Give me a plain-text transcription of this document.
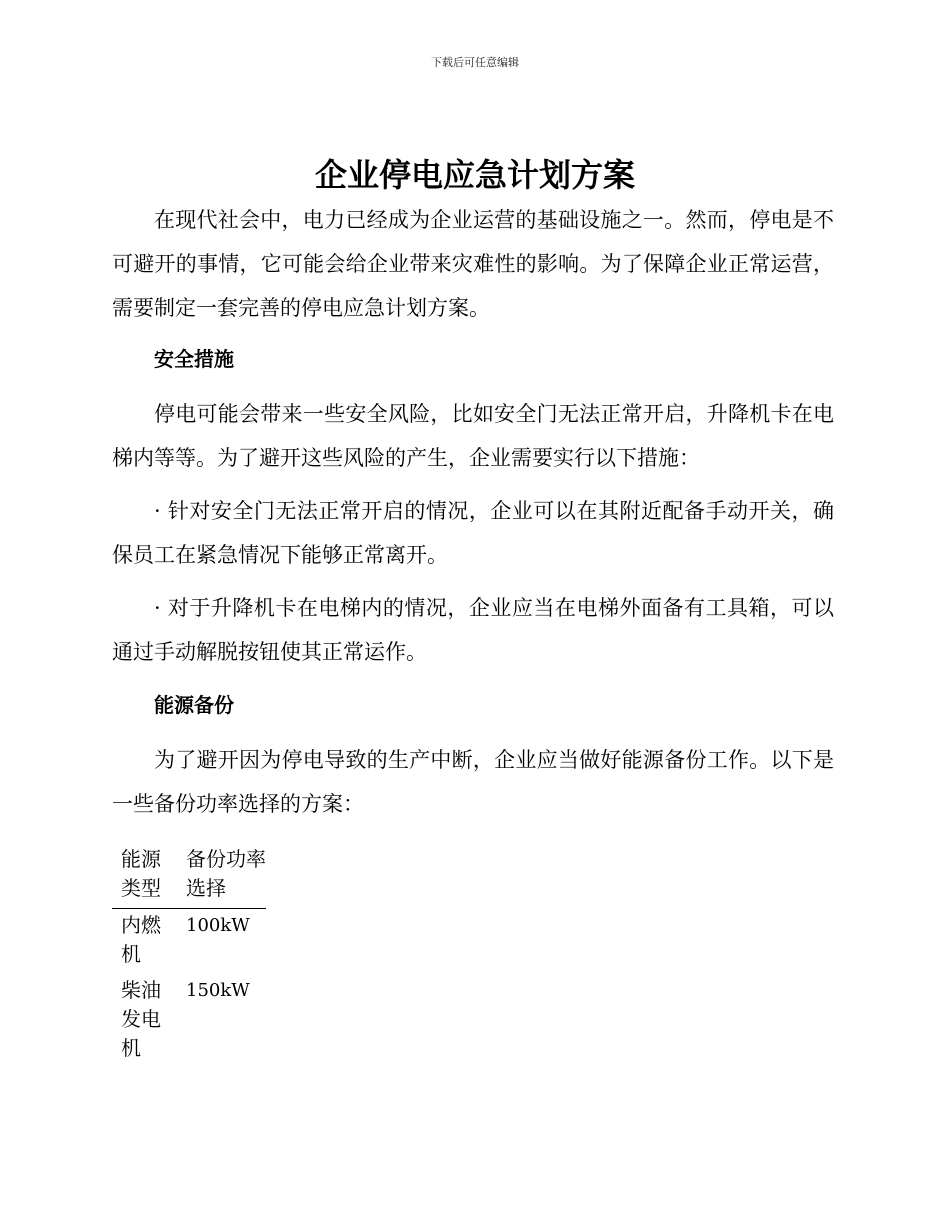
下载后可任意编辑
企业停电应急计划方案

在现代社会中，电力已经成为企业运营的基础设施之一。然而，停电是不可避开的事情，它可能会给企业带来灾难性的影响。为了保障企业正常运营，需要制定一套完善的停电应急计划方案。

安全措施

停电可能会带来一些安全风险，比如安全门无法正常开启，升降机卡在电梯内等等。为了避开这些风险的产生，企业需要实行以下措施：

· 针对安全门无法正常开启的情况，企业可以在其附近配备手动开关，确保员工在紧急情况下能够正常离开。

· 对于升降机卡在电梯内的情况，企业应当在电梯外面备有工具箱，可以通过手动解脱按钮使其正常运作。

能源备份

为了避开因为停电导致的生产中断，企业应当做好能源备份工作。以下是一些备份功率选择的方案：

能源类型	备份功率选择
内燃机	100kW
柴油发电机	150kW
